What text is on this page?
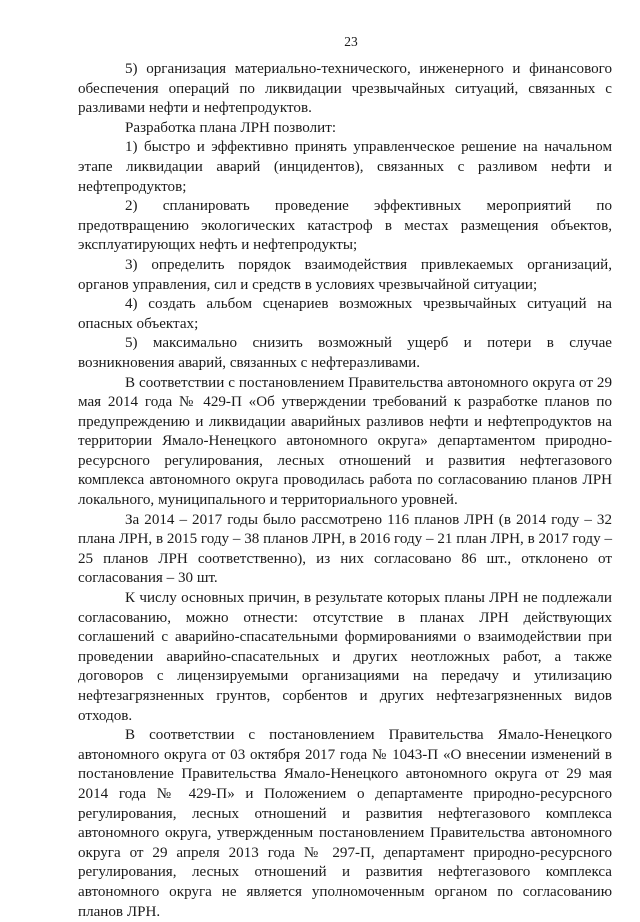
23

5) организация материально-технического, инженерного и финансового обеспечения операций по ликвидации чрезвычайных ситуаций, связанных с разливами нефти и нефтепродуктов.

Разработка плана ЛРН позволит:

1) быстро и эффективно принять управленческое решение на начальном этапе ликвидации аварий (инцидентов), связанных с разливом нефти и нефтепродуктов;

2) спланировать проведение эффективных мероприятий по предотвращению экологических катастроф в местах размещения объектов, эксплуатирующих нефть и нефтепродукты;

3) определить порядок взаимодействия привлекаемых организаций, органов управления, сил и средств в условиях чрезвычайной ситуации;

4) создать альбом сценариев возможных чрезвычайных ситуаций на опасных объектах;

5) максимально снизить возможный ущерб и потери в случае возникновения аварий, связанных с нефтеразливами.

В соответствии с постановлением Правительства автономного округа от 29 мая 2014 года № 429-П «Об утверждении требований к разработке планов по предупреждению и ликвидации аварийных разливов нефти и нефтепродуктов на территории Ямало-Ненецкого автономного округа» департаментом природно-ресурсного регулирования, лесных отношений и развития нефтегазового комплекса автономного округа проводилась работа по согласованию планов ЛРН локального, муниципального и территориального уровней.

За 2014 – 2017 годы было рассмотрено 116 планов ЛРН (в 2014 году – 32 плана ЛРН, в 2015 году – 38 планов ЛРН, в 2016 году – 21 план ЛРН, в 2017 году – 25 планов ЛРН соответственно), из них согласовано 86 шт., отклонено от согласования – 30 шт.

К числу основных причин, в результате которых планы ЛРН не подлежали согласованию, можно отнести: отсутствие в планах ЛРН действующих соглашений с аварийно-спасательными формированиями о взаимодействии при проведении аварийно-спасательных и других неотложных работ, а также договоров с лицензируемыми организациями на передачу и утилизацию нефтезагрязненных грунтов, сорбентов и других нефтезагрязненных видов отходов.

В соответствии с постановлением Правительства Ямало-Ненецкого автономного округа от 03 октября 2017 года № 1043-П «О внесении изменений в постановление Правительства Ямало-Ненецкого автономного округа от 29 мая 2014 года № 429-П» и Положением о департаменте природно-ресурсного регулирования, лесных отношений и развития нефтегазового комплекса автономного округа, утвержденным постановлением Правительства автономного округа от 29 апреля 2013 года № 297-П, департамент природно-ресурсного регулирования, лесных отношений и развития нефтегазового комплекса автономного округа не является уполномоченным органом по согласованию планов ЛРН.
